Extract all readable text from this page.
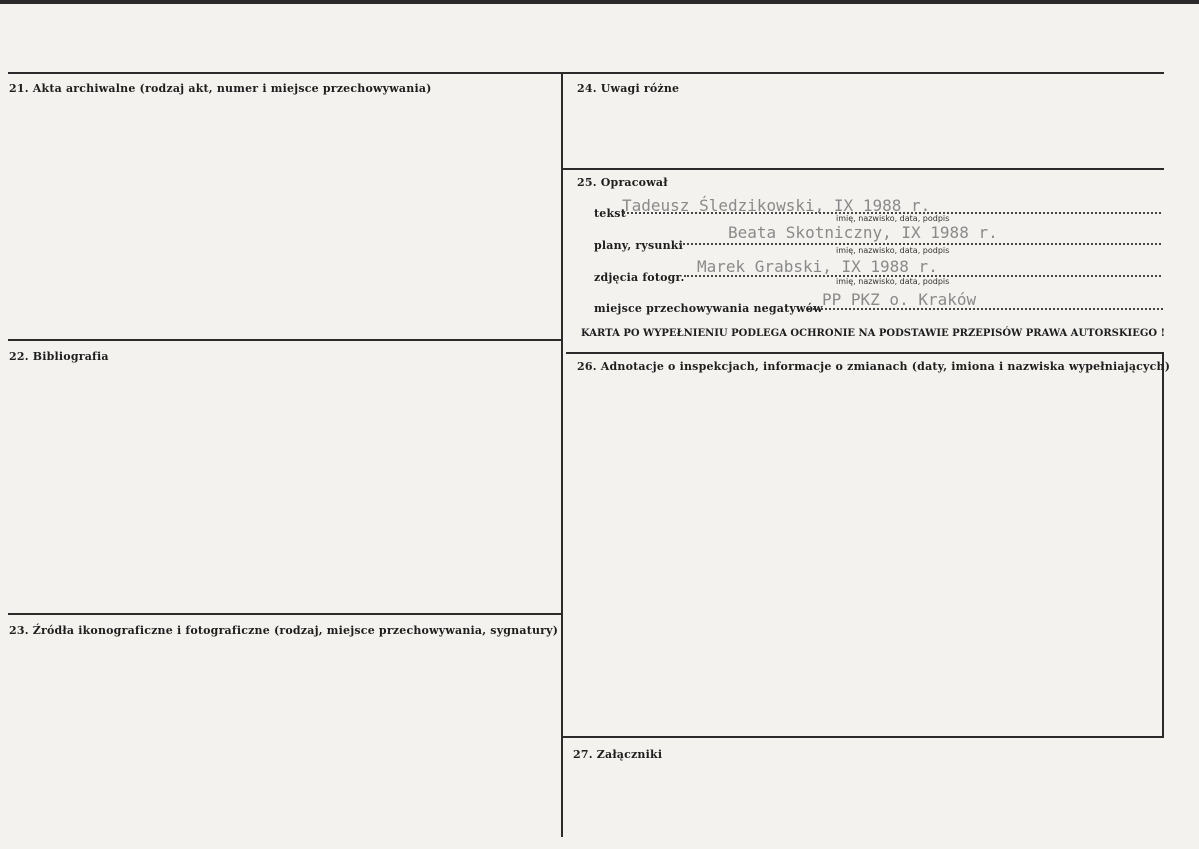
21. Akta archiwalne (rodzaj akt, numer i miejsce przechowywania)
22. Bibliografia
23. Źródła ikonograficzne i fotograficzne (rodzaj, miejsce przechowywania, sygnatury)
24. Uwagi różne
25. Opracował
tekst
Tadeusz Śledzikowski, IX 1988 r.
imię, nazwisko, data, podpis
plany, rysunki
Beata Skotniczny, IX 1988 r.
imię, nazwisko, data, podpis
zdjęcia fotogr.
Marek Grabski, IX 1988 r.
imię, nazwisko, data, podpis
miejsce przechowywania negatywów PP PKZ o. Kraków
KARTA PO WYPEŁNIENIU PODLEGA OCHRONIE NA PODSTAWIE PRZEPISÓW PRAWA AUTORSKIEGO !
26. Adnotacje o inspekcjach, informacje o zmianach (daty, imiona i nazwiska wypełniających)
27. Załączniki
